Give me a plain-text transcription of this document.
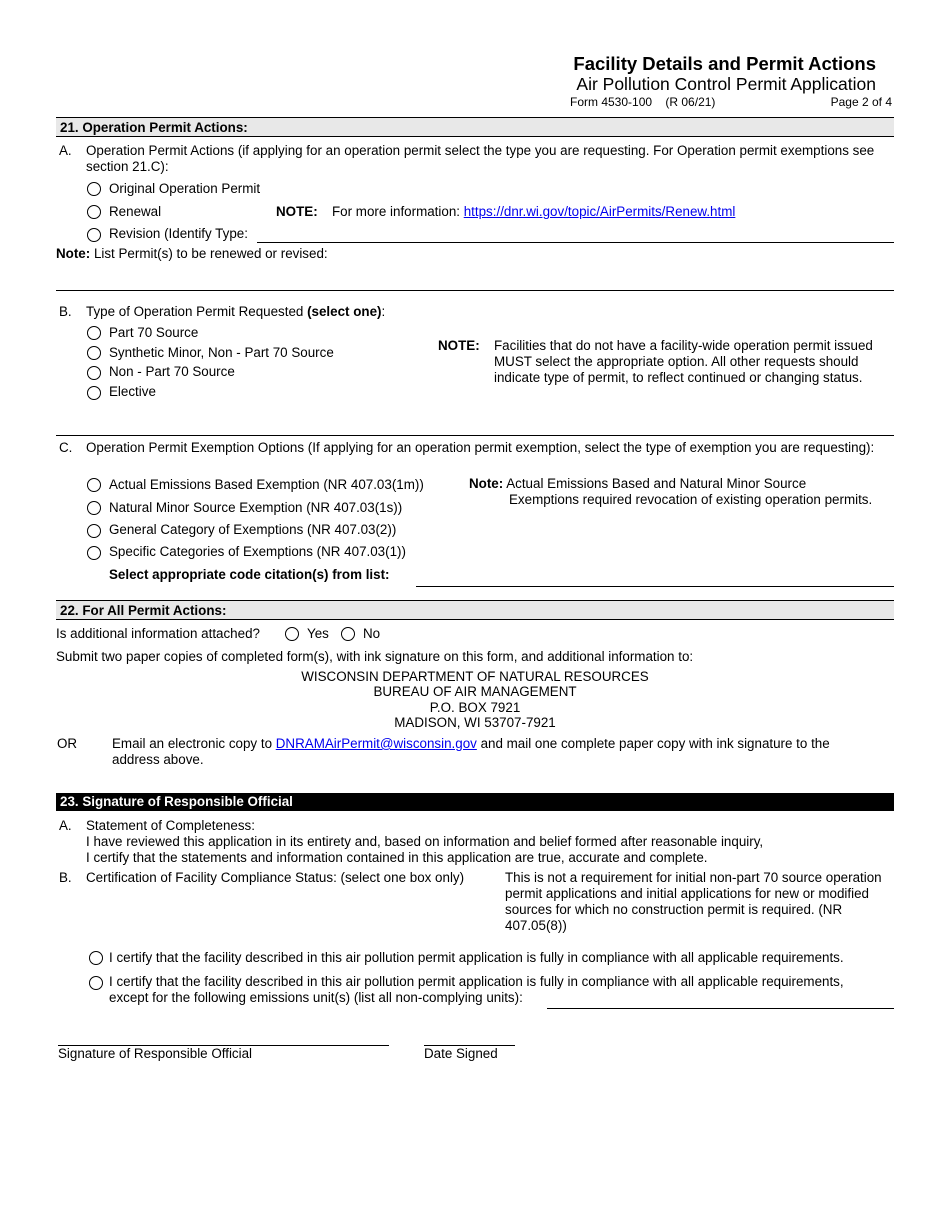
Facility Details and Permit Actions
Air Pollution Control Permit Application
Form 4530-100 (R 06/21)	Page 2 of 4
21. Operation Permit Actions:
A. Operation Permit Actions (if applying for an operation permit select the type you are requesting. For Operation permit exemptions see section 21.C):
Original Operation Permit
Renewal	NOTE: For more information: https://dnr.wi.gov/topic/AirPermits/Renew.html
Revision (Identify Type:
Note: List Permit(s) to be renewed or revised:
B. Type of Operation Permit Requested (select one):
Part 70 Source
Synthetic Minor, Non - Part 70 Source
Non - Part 70 Source
Elective
NOTE: Facilities that do not have a facility-wide operation permit issued MUST select the appropriate option. All other requests should indicate type of permit, to reflect continued or changing status.
C. Operation Permit Exemption Options (If applying for an operation permit exemption, select the type of exemption you are requesting):
Actual Emissions Based Exemption (NR 407.03(1m))
Natural Minor Source Exemption (NR 407.03(1s))
General Category of Exemptions (NR 407.03(2))
Specific Categories of Exemptions (NR 407.03(1))
Note: Actual Emissions Based and Natural Minor Source
Exemptions required revocation of existing operation permits.
Select appropriate code citation(s) from list:
22. For All Permit Actions:
Is additional information attached?	Yes	No
Submit two paper copies of completed form(s), with ink signature on this form, and additional information to:
WISCONSIN DEPARTMENT OF NATURAL RESOURCES
BUREAU OF AIR MANAGEMENT
P.O. BOX 7921
MADISON, WI 53707-7921
OR	Email an electronic copy to DNRAMAirPermit@wisconsin.gov and mail one complete paper copy with ink signature to the address above.
23. Signature of Responsible Official
A. Statement of Completeness:
I have reviewed this application in its entirety and, based on information and belief formed after reasonable inquiry,
I certify that the statements and information contained in this application are true, accurate and complete.
B. Certification of Facility Compliance Status: (select one box only)	This is not a requirement for initial non-part 70 source operation permit applications and initial applications for new or modified sources for which no construction permit is required. (NR 407.05(8))
I certify that the facility described in this air pollution permit application is fully in compliance with all applicable requirements.
I certify that the facility described in this air pollution permit application is fully in compliance with all applicable requirements,
except for the following emissions unit(s) (list all non-complying units):
Signature of Responsible Official	Date Signed
